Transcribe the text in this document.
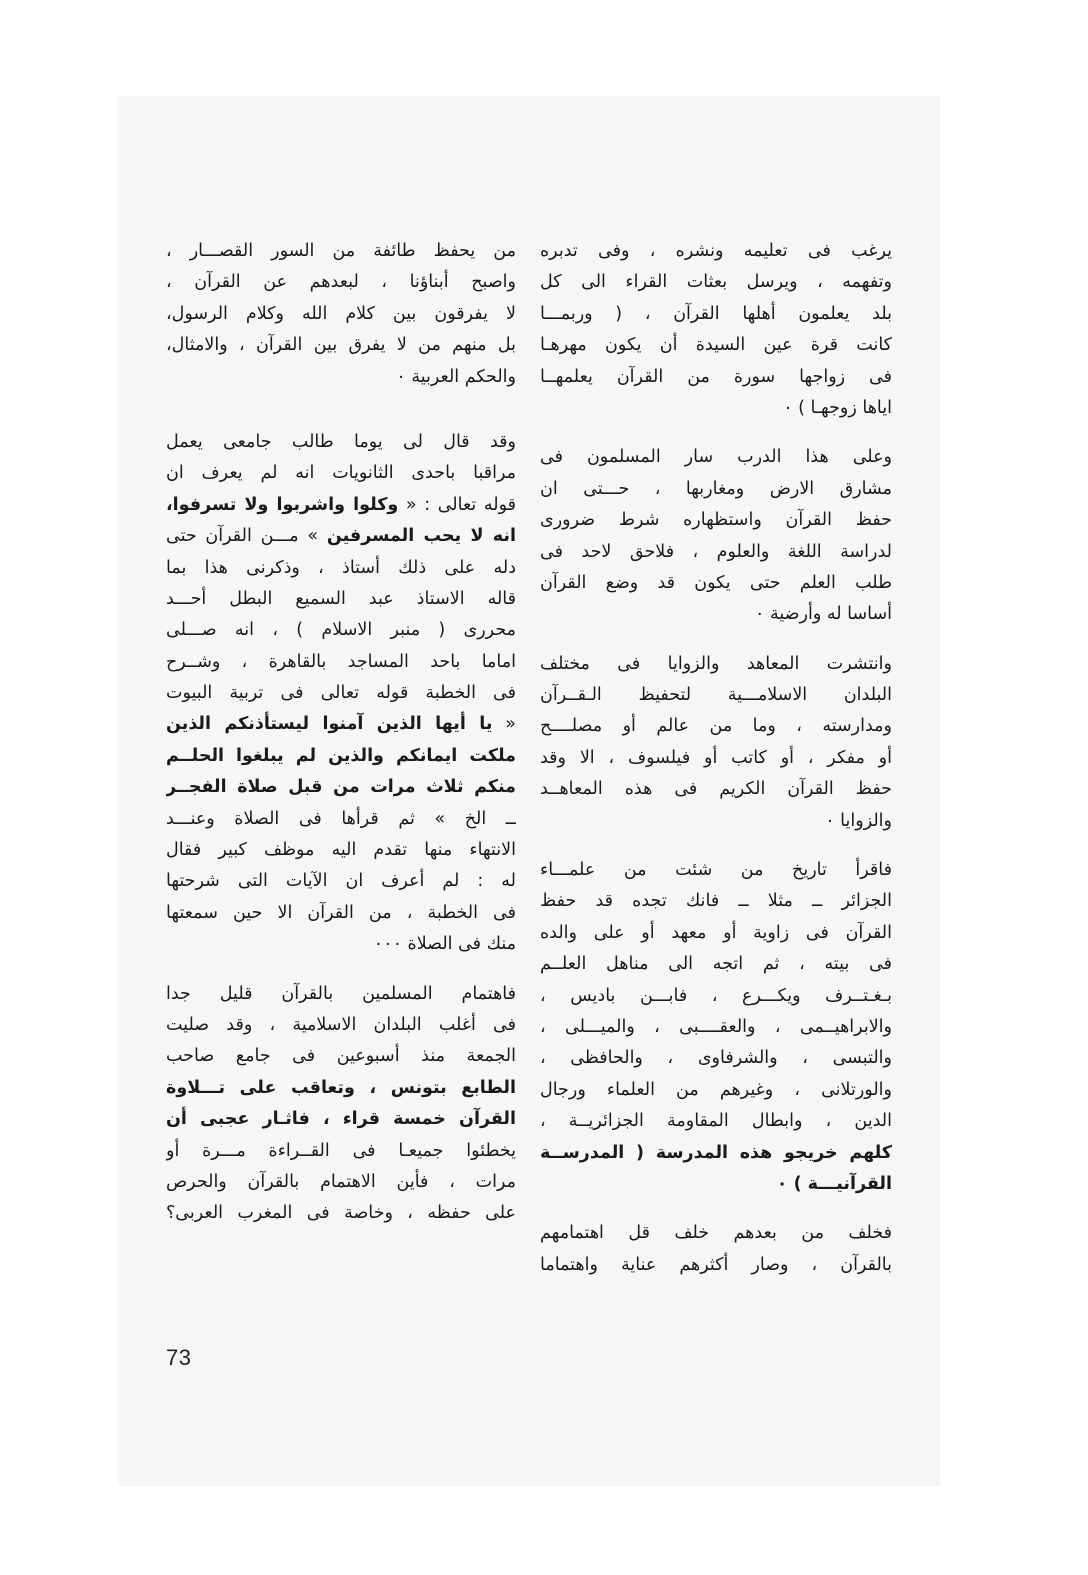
يرغب فى تعليمه ونشره ، وفى تدبره
وتفهمه ، ويرسل بعثات القراء الى كل
بلد يعلمون أهلها القرآن ، ( وربمـــا
كانت قرة عين السيدة أن يكون مهرهـا
فى زواجها سورة من القرآن يعلمهــا
اياها زوجهـا ) ٠
وعلى هذا الدرب سار المسلمون فى
مشارق الارض ومغاربها ، حـــتى ان
حفظ القرآن واستظهاره شرط ضرورى
لدراسة اللغة والعلوم ، فلاحق لاحد فى
طلب العلم حتى يكون قد وضع القرآن
أساسا له وأرضية ٠
وانتشرت المعاهد والزوايا فى مختلف
البلدان الاسلامـــية لتحفيظ الـقــرآن
ومدارسته ، وما من عالم أو مصلــــح
أو مفكر ، أو كاتب أو فيلسوف ، الا وقد
حفظ القرآن الكريم فى هذه المعاهــد
والزوايا ٠
فاقرأ تاريخ من شئت من علمـــاء
الجزائر ــ مثلا ــ فانك تجده قد حفظ
القرآن فى زاوية أو معهد أو على والده
فى بيته ، ثم اتجه الى مناهل العلــم
بـغـتــرف ويكـــرع ، فابـــن باديس ،
والابراهيــمى ، والعقــــبى ، والميـــلى ،
والتبسى ، والشرفاوى ، والحافظى ،
والورتلانى ، وغيرهم من العلماء ورجال
الدين ، وابطال المقاومة الجزائريــة ،
كلهم خريجو هذه المدرسة ( المدرســة
القرآنيـــة ) ٠
فخلف من بعدهم خلف قل اهتمامهم
بالقرآن ، وصار أكثرهم عناية واهتماما
من يحفظ طائفة من السور القصـــار ،
واصبح أبناؤنا ، لبعدهم عن القرآن ،
لا يفرقون بين كلام الله وكلام الرسول،
بل منهم من لا يفرق بين القرآن ، والامثال،
والحكم العربية ٠
وقد قال لى يوما طالب جامعى يعمل
مراقبا باحدى الثانويات انه لم يعرف ان
قوله تعالى : « وكلوا واشربوا ولا تسرفوا،
انه لا يحب المسرفين » مـــن القرآن حتى
دله على ذلك أستاذ ، وذكرنى هذا بما
قاله الاستاذ عبد السميع البطل أحـــد
محررى ( منبر الاسلام ) ، انه صـــلى
اماما باحد المساجد بالقاهرة ، وشــرح
فى الخطبة قوله تعالى فى تربية البيوت
« يا أيها الذين آمنوا ليستأذنكم الذين
ملكت ايمانكم والذين لم يبلغوا الحلــم
منكم ثلاث مرات من قبل صلاة الفجــر
ــ الخ » ثم قرأها فى الصلاة وعنـــد
الانتهاء منها تقدم اليه موظف كبير فقال
له : لم أعرف ان الآيات التى شرحتها
فى الخطبة ، من القرآن الا حين سمعتها
منك فى الصلاة ٠٠٠
فاهتمام المسلمين بالقرآن قليل جدا
فى أغلب البلدان الاسلامية ، وقد صليت
الجمعة منذ أسبوعين فى جامع صاحب
الطابع بتونس ، وتعاقب على تـــلاوة
القرآن خمسة قراء ، فاثـار عجبى أن
يخطئوا جميعـا فى القــراءة مـــرة أو
مرات ، فأين الاهتمام بالقرآن والحرص
على حفظه ، وخاصة فى المغرب العربى؟
73
